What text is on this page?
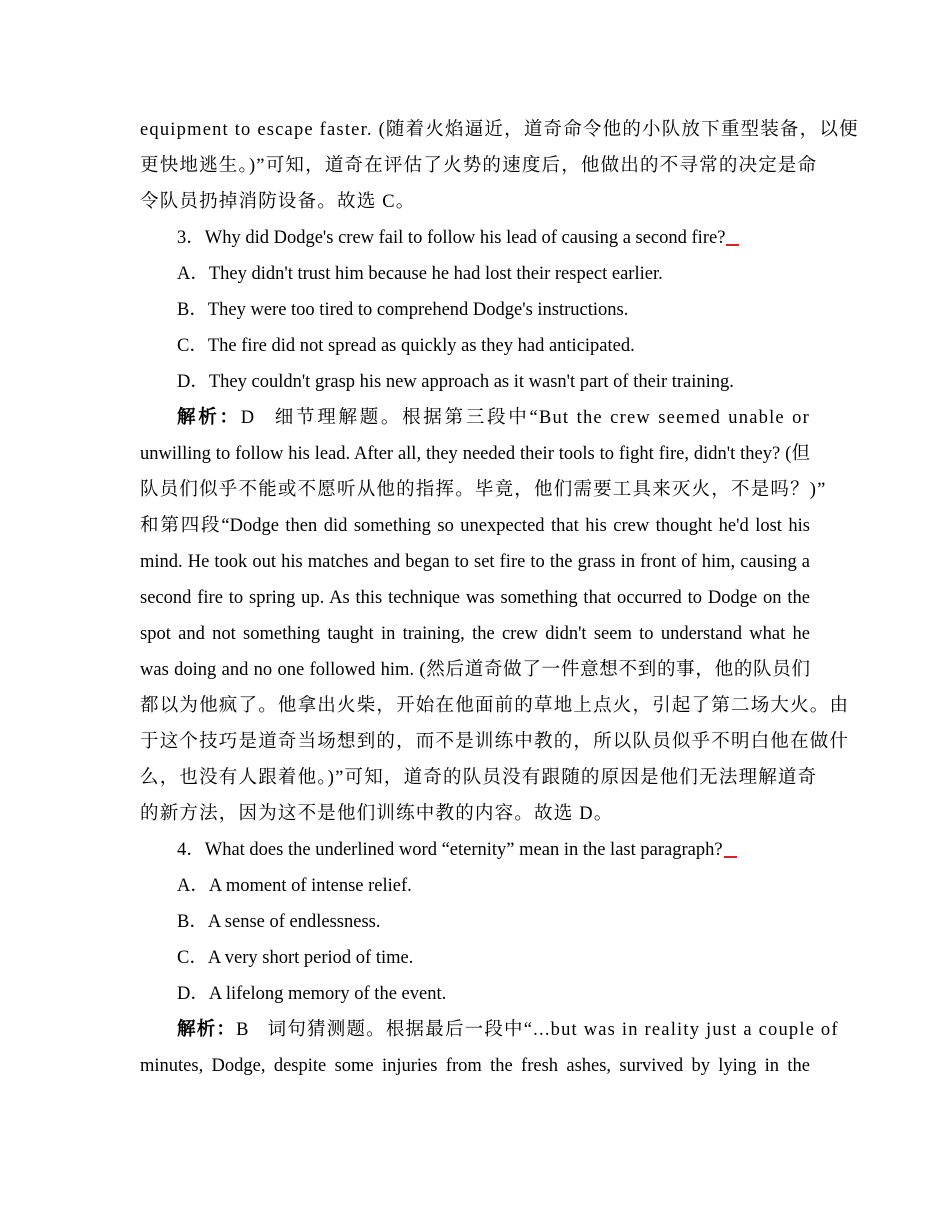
equipment to escape faster. (随着火焰逼近，道奇命令他的小队放下重型装备，以便
更快地逃生。)”可知，道奇在评估了火势的速度后，他做出的不寻常的决定是命
令队员扔掉消防设备。故选 C。
3．Why did Dodge's crew fail to follow his lead of causing a second fire?
A．They didn't trust him because he had lost their respect earlier.
B．They were too tired to comprehend Dodge's instructions.
C．The fire did not spread as quickly as they had anticipated.
D．They couldn't grasp his new approach as it wasn't part of their training.
解析：D 细节理解题。根据第三段中“But the crew seemed unable or
unwilling to follow his lead. After all, they needed their tools to fight fire, didn't they? (但
队员们似乎不能或不愿听从他的指挥。毕竟，他们需要工具来灭火，不是吗？)”
和第四段“Dodge then did something so unexpected that his crew thought he'd lost his
mind. He took out his matches and began to set fire to the grass in front of him, causing a
second fire to spring up. As this technique was something that occurred to Dodge on the
spot and not something taught in training, the crew didn't seem to understand what he
was doing and no one followed him. (然后道奇做了一件意想不到的事，他的队员们
都以为他疯了。他拿出火柴，开始在他面前的草地上点火，引起了第二场大火。由
于这个技巧是道奇当场想到的，而不是训练中教的，所以队员似乎不明白他在做什
么，也没有人跟着他。)”可知，道奇的队员没有跟随的原因是他们无法理解道奇
的新方法，因为这不是他们训练中教的内容。故选 D。
4．What does the underlined word “eternity” mean in the last paragraph?
A．A moment of intense relief.
B．A sense of endlessness.
C．A very short period of time.
D．A lifelong memory of the event.
解析：B 词句猜测题。根据最后一段中“...but was in reality just a couple of
minutes, Dodge, despite some injuries from the fresh ashes, survived by lying in the
